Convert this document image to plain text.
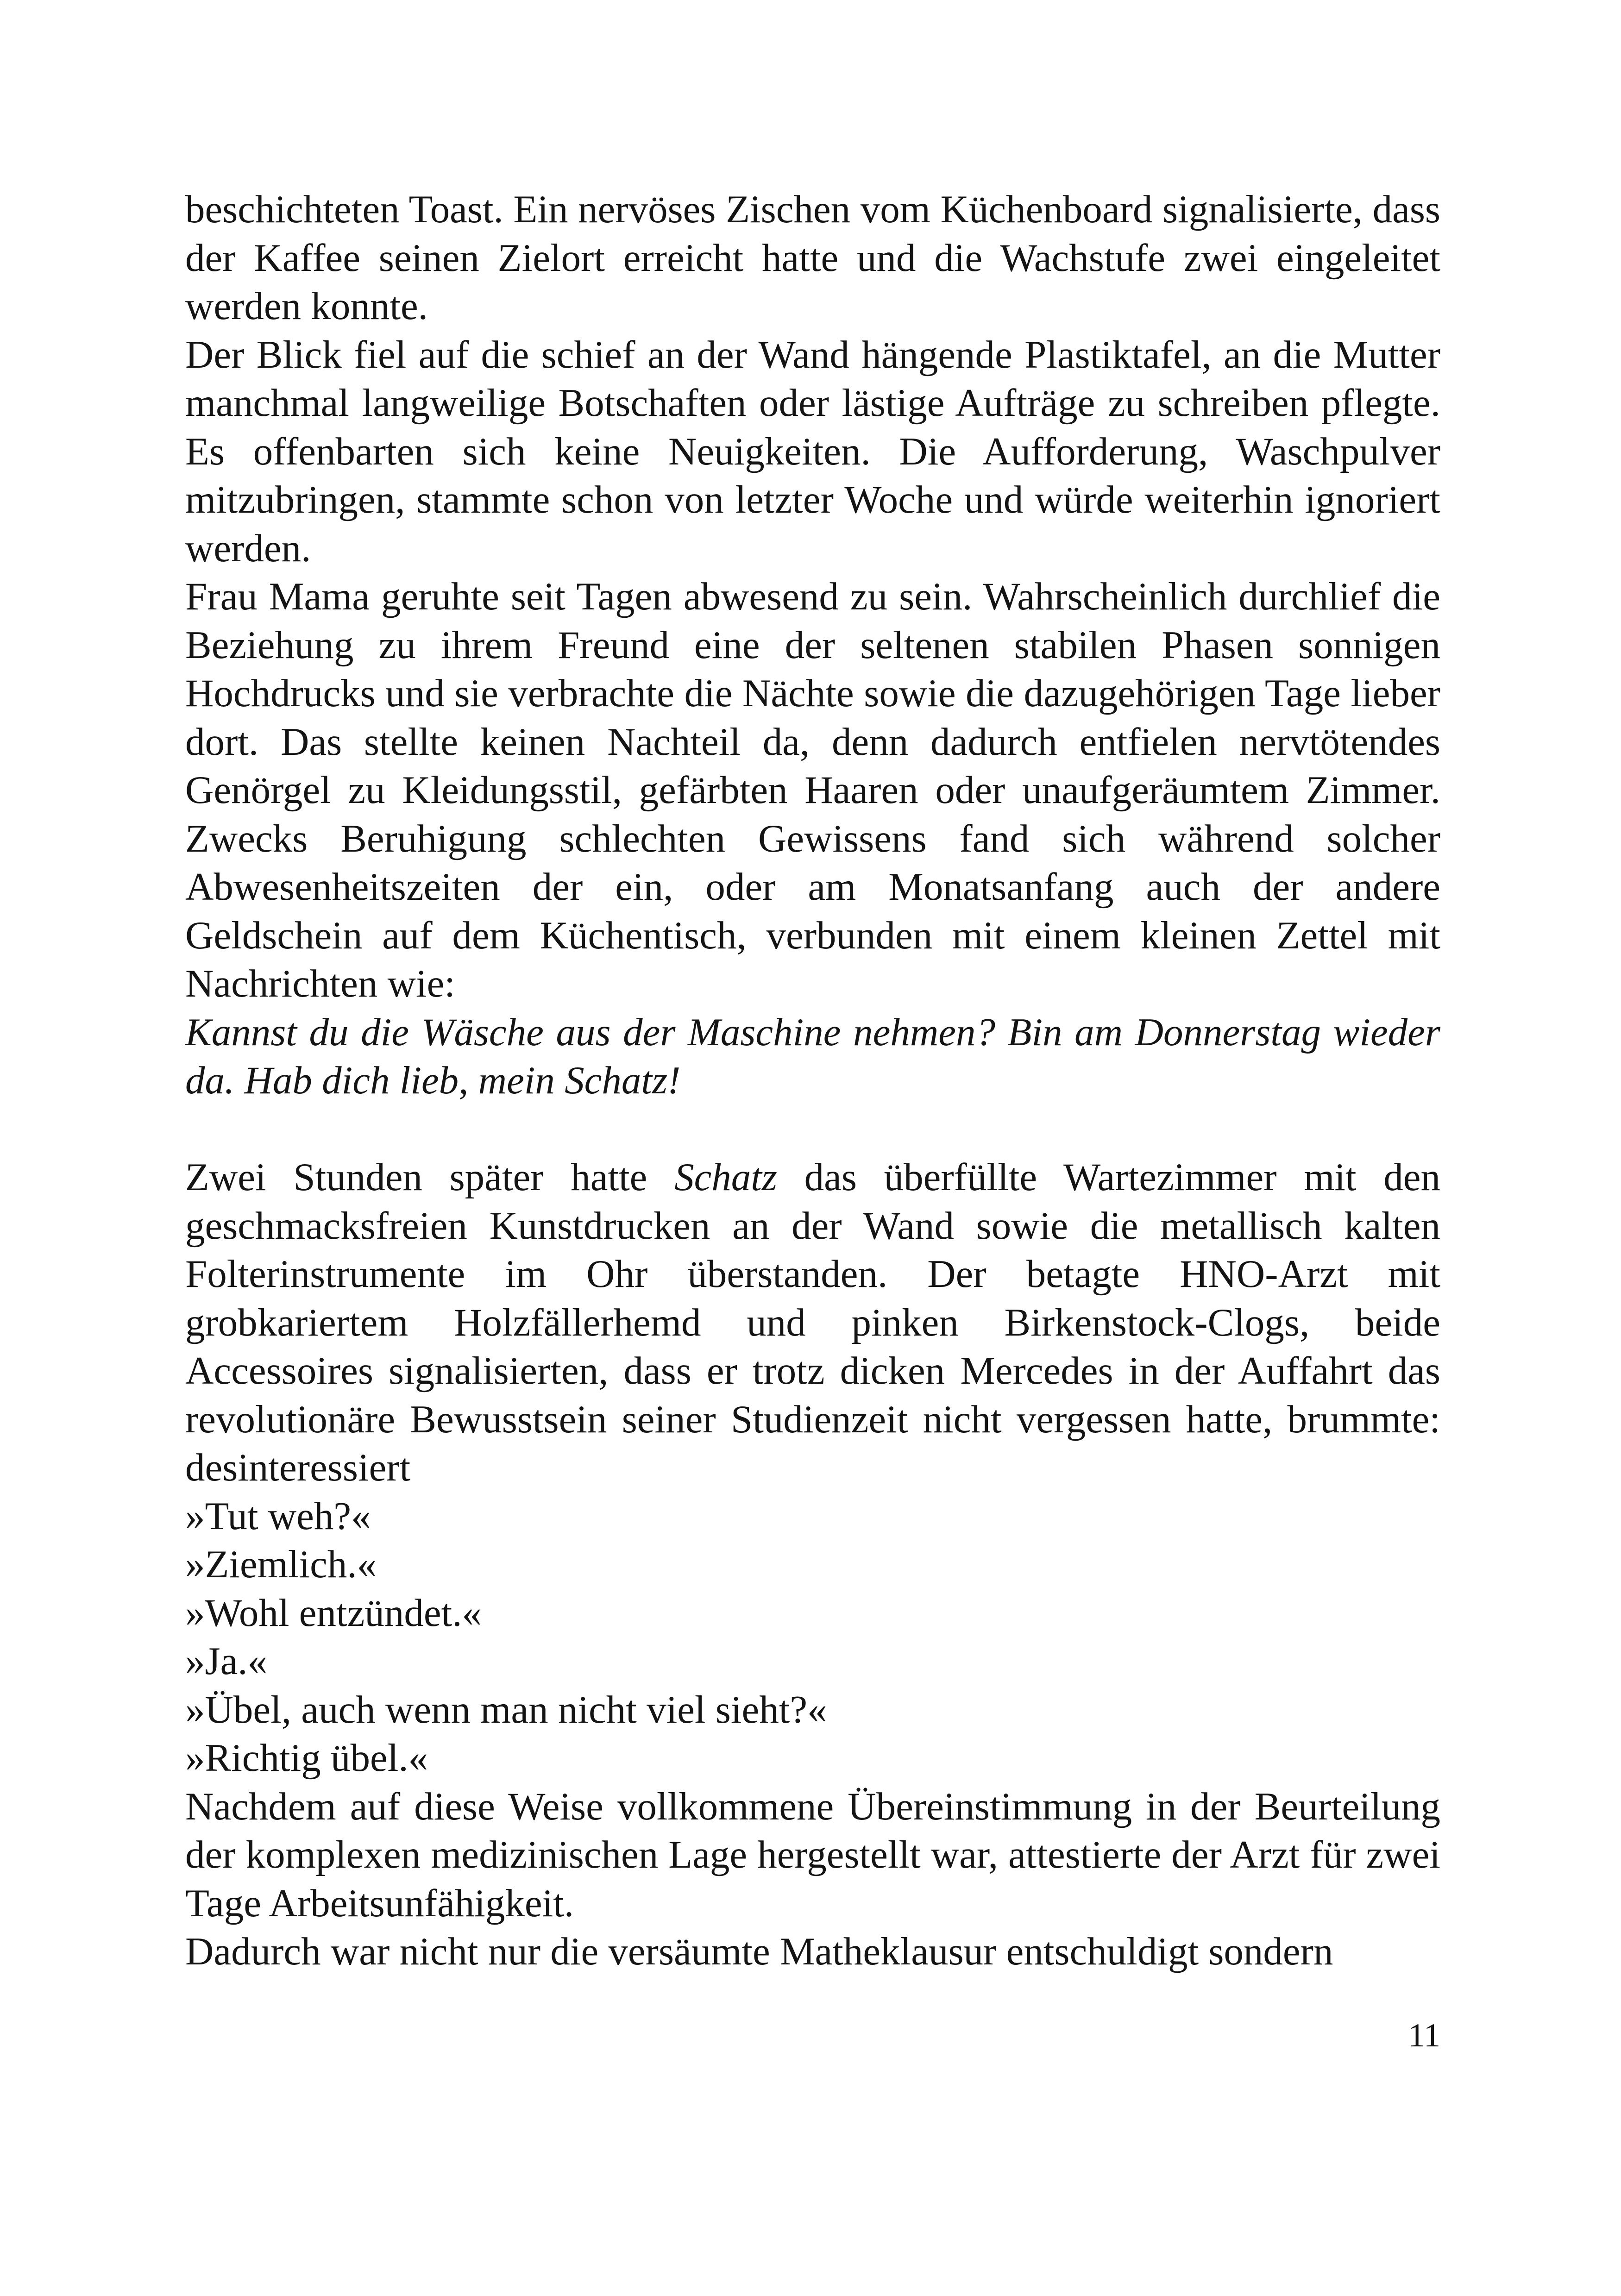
beschichteten Toast. Ein nervöses Zischen vom Küchenboard signalisierte, dass der Kaffee seinen Zielort erreicht hatte und die Wachstufe zwei eingeleitet werden konnte.

Der Blick fiel auf die schief an der Wand hängende Plastiktafel, an die Mutter manchmal langweilige Botschaften oder lästige Aufträge zu schreiben pflegte. Es offenbarten sich keine Neuigkeiten. Die Aufforderung, Waschpulver mitzubringen, stammte schon von letzter Woche und würde weiterhin ignoriert werden.

Frau Mama geruhte seit Tagen abwesend zu sein. Wahrscheinlich durchlief die Beziehung zu ihrem Freund eine der seltenen stabilen Phasen sonnigen Hochdrucks und sie verbrachte die Nächte sowie die dazugehörigen Tage lieber dort. Das stellte keinen Nachteil da, denn dadurch entfielen nervtötendes Genörgel zu Kleidungsstil, gefärbten Haaren oder unaufgeräumtem Zimmer. Zwecks Beruhigung schlechten Gewissens fand sich während solcher Abwesenheitszeiten der ein, oder am Monatsanfang auch der andere Geldschein auf dem Küchentisch, verbunden mit einem kleinen Zettel mit Nachrichten wie:

Kannst du die Wäsche aus der Maschine nehmen? Bin am Donnerstag wieder da. Hab dich lieb, mein Schatz!

Zwei Stunden später hatte Schatz das überfüllte Wartezimmer mit den geschmacksfreien Kunstdrucken an der Wand sowie die metallisch kalten Folterinstrumente im Ohr überstanden. Der betagte HNO-Arzt mit grobkariertem Holzfällerhemd und pinken Birkenstock-Clogs, beide Accessoires signalisierten, dass er trotz dicken Mercedes in der Auffahrt das revolutionäre Bewusstsein seiner Studienzeit nicht vergessen hatte, brummte: desinteressiert

»Tut weh?«

»Ziemlich.«

»Wohl entzündet.«

»Ja.«

»Übel, auch wenn man nicht viel sieht?«

»Richtig übel.«

Nachdem auf diese Weise vollkommene Übereinstimmung in der Beurteilung der komplexen medizinischen Lage hergestellt war, attestierte der Arzt für zwei Tage Arbeitsunfähigkeit.

Dadurch war nicht nur die versäumte Matheklausur entschuldigt sondern

11
